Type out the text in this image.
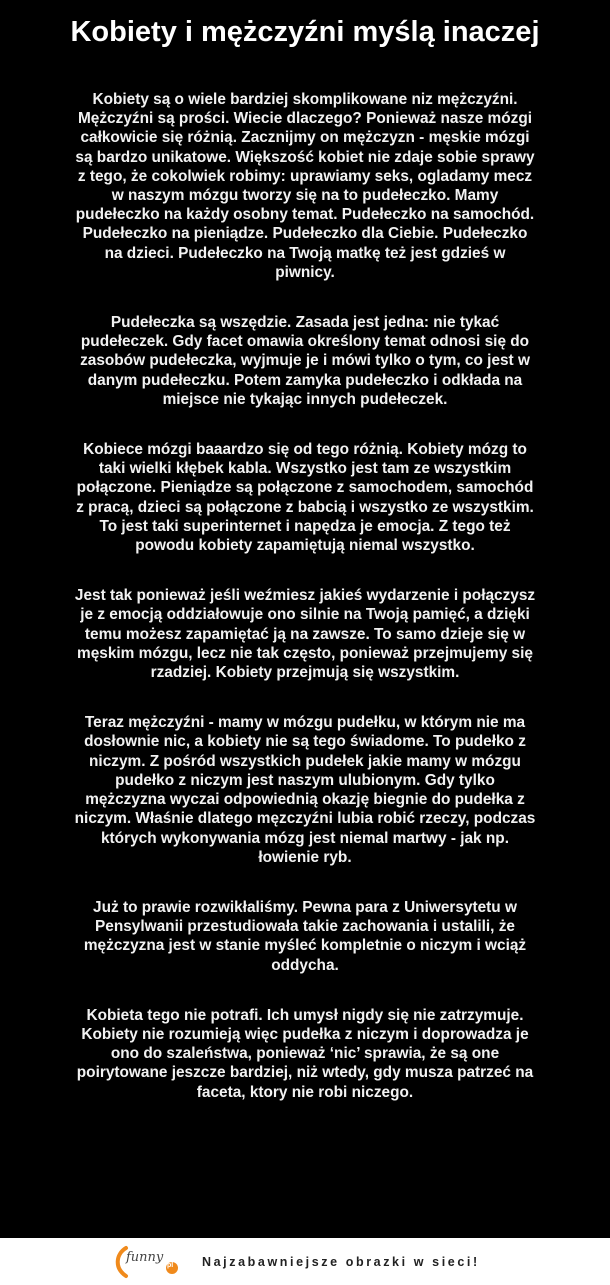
Kobiety i mężczyźni myślą inaczej

Kobiety są o wiele bardziej skomplikowane niz mężczyźni.
Mężczyźni są prości. Wiecie dlaczego? Ponieważ nasze mózgi
całkowicie się różnią. Zacznijmy on mężczyzn - męskie mózgi
są bardzo unikatowe. Większość kobiet nie zdaje sobie sprawy
z tego, że cokolwiek robimy: uprawiamy seks, ogladamy mecz
w naszym mózgu tworzy się na to pudełeczko. Mamy
pudełeczko na każdy osobny temat. Pudełeczko na samochód.
Pudełeczko na pieniądze. Pudełeczko dla Ciebie. Pudełeczko
na dzieci. Pudełeczko na Twoją matkę też jest gdzieś w
piwnicy.

Pudełeczka są wszędzie. Zasada jest jedna: nie tykać
pudełeczek. Gdy facet omawia określony temat odnosi się do
zasobów pudełeczka, wyjmuje je i mówi tylko o tym, co jest w
danym pudełeczku. Potem zamyka pudełeczko i odkłada na
miejsce nie tykając innych pudełeczek.

Kobiece mózgi baaardzo się od tego różnią. Kobiety mózg to
taki wielki kłębek kabla. Wszystko jest tam ze wszystkim
połączone. Pieniądze są połączone z samochodem, samochód
z pracą, dzieci są połączone z babcią i wszystko ze wszystkim.
To jest taki superinternet i napędza je emocja. Z tego też
powodu kobiety zapamiętują niemal wszystko.

Jest tak ponieważ jeśli weźmiesz jakieś wydarzenie i połączysz
je z emocją oddziałowuje ono silnie na Twoją pamięć, a dzięki
temu możesz zapamiętać ją na zawsze. To samo dzieje się w
męskim mózgu, lecz nie tak często, ponieważ przejmujemy się
rzadziej. Kobiety przejmują się wszystkim.

Teraz mężczyźni - mamy w mózgu pudełku, w którym nie ma
dosłownie nic, a kobiety nie są tego świadome. To pudełko z
niczym. Z pośród wszystkich pudełek jakie mamy w mózgu
pudełko z niczym jest naszym ulubionym. Gdy tylko
mężczyzna wyczai odpowiednią okazję biegnie do pudełka z
niczym. Właśnie dlatego męzczyźni lubia robić rzeczy, podczas
których wykonywania mózg jest niemal martwy - jak np.
łowienie ryb.

Już to prawie rozwikłaliśmy. Pewna para z Uniwersytetu w
Pensylwanii przestudiowała takie zachowania i ustalili, że
mężczyzna jest w stanie myśleć kompletnie o niczym i wciąż
oddycha.

Kobieta tego nie potrafi. Ich umysł nigdy się nie zatrzymuje.
Kobiety nie rozumieją więc pudełka z niczym i doprowadza je
ono do szaleństwa, ponieważ ‘nic’ sprawia, że są one
poirytowane jeszcze bardziej, niż wtedy, gdy musza patrzeć na
faceta, ktory nie robi niczego.

funny
pl Najzabawniejsze obrazki w sieci!
